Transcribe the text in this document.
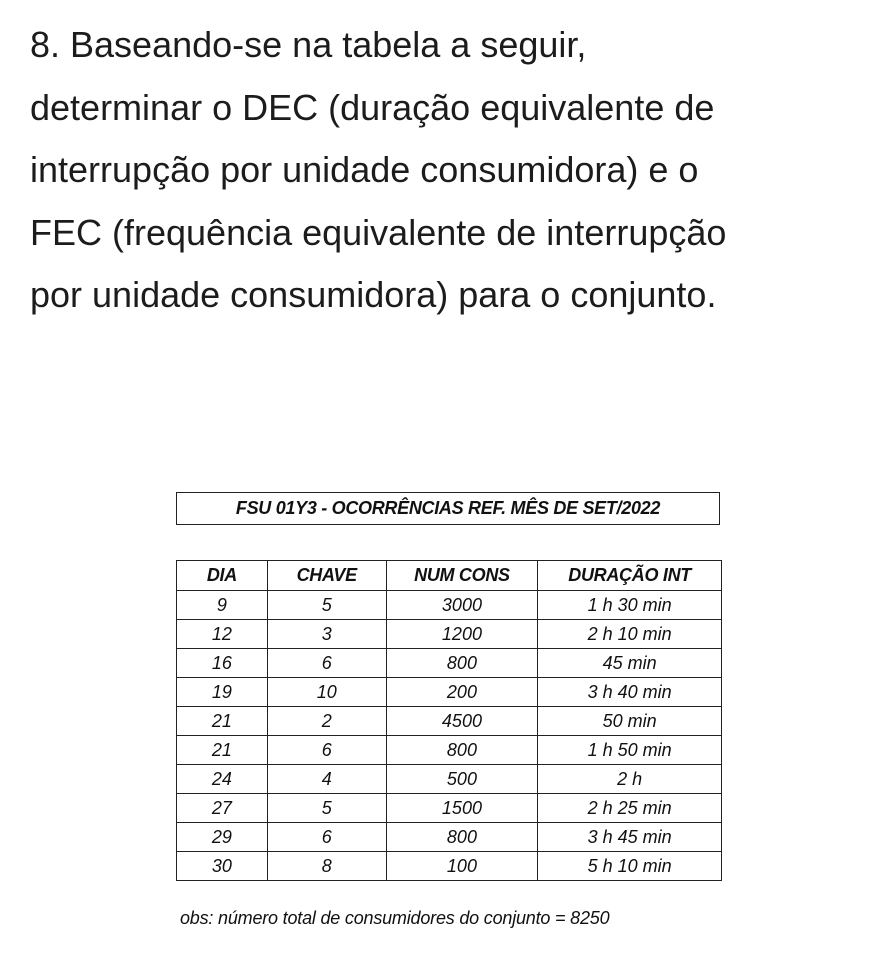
8. Baseando-se na tabela a seguir,
determinar o DEC (duração equivalente de
interrupção por unidade consumidora) e o
FEC (frequência equivalente de interrupção
por unidade consumidora) para o conjunto.

FSU 01Y3 - OCORRÊNCIAS REF. MÊS DE SET/2022
DIA	CHAVE	NUM CONS	DURAÇÃO INT
9	5	3000	1 h 30 min
12	3	1200	2 h 10 min
16	6	800	45 min
19	10	200	3 h 40 min
21	2	4500	50 min
21	6	800	1 h 50 min
24	4	500	2 h
27	5	1500	2 h 25 min
29	6	800	3 h 45 min
30	8	100	5 h 10 min
obs: número total de consumidores do conjunto = 8250
